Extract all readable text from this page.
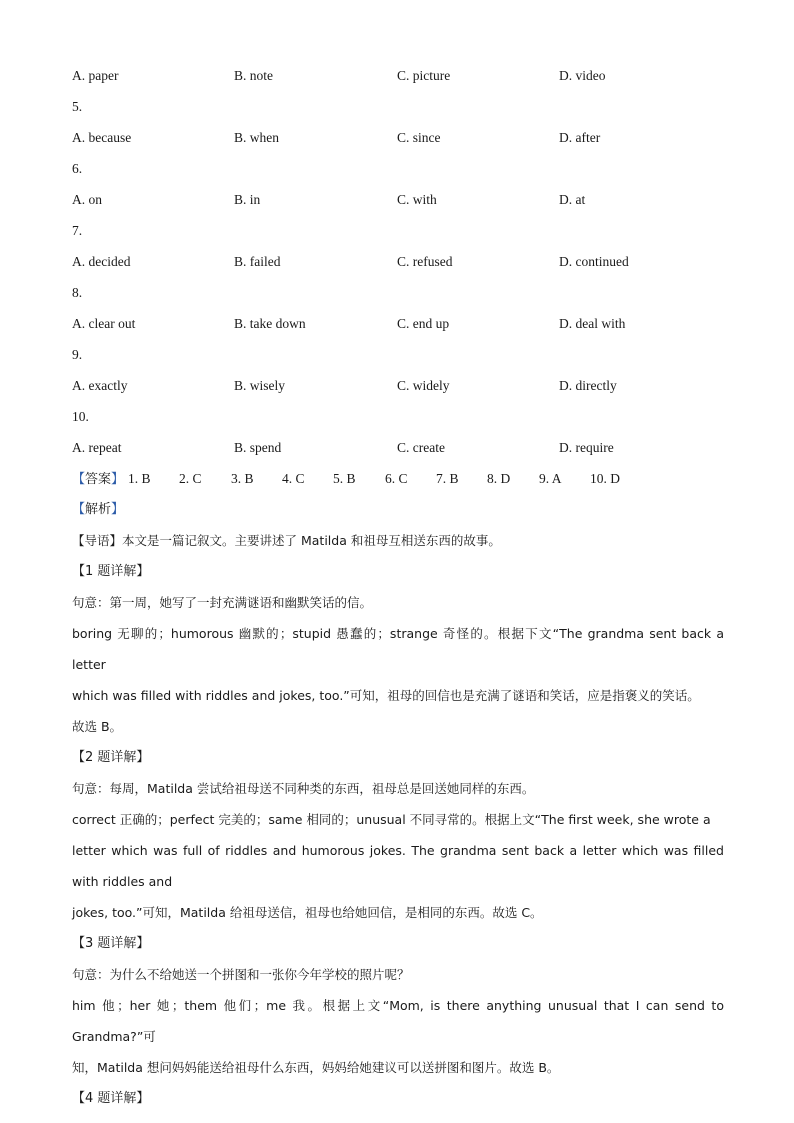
A. paper	B. note	C. picture	D. video
5.
A. because	B. when	C. since	D. after
6.
A. on	B. in	C. with	D. at
7.
A. decided	B. failed	C. refused	D. continued
8.
A. clear out	B. take down	C. end up	D. deal with
9.
A. exactly	B. wisely	C. widely	D. directly
10.
A. repeat	B. spend	C. create	D. require
【答案】 1. B 2. C 3. B 4. C 5. B 6. C 7. B 8. D 9. A 10. D
【解析】
【导语】本文是一篇记叙文。主要讲述了 Matilda 和祖母互相送东西的故事。
【1 题详解】
句意：第一周，她写了一封充满谜语和幽默笑话的信。
boring 无聊的；humorous 幽默的；stupid 愚蠢的；strange 奇怪的。根据下文“The grandma sent back a letter
which was filled with riddles and jokes, too.”可知，祖母的回信也是充满了谜语和笑话，应是指褒义的笑话。
故选 B。
【2 题详解】
句意：每周，Matilda 尝试给祖母送不同种类的东西，祖母总是回送她同样的东西。
correct 正确的；perfect 完美的；same 相同的；unusual 不同寻常的。根据上文“The first week, she wrote a
letter which was full of riddles and humorous jokes. The grandma sent back a letter which was filled with riddles and
jokes, too.”可知，Matilda 给祖母送信，祖母也给她回信，是相同的东西。故选 C。
【3 题详解】
句意：为什么不给她送一个拼图和一张你今年学校的照片呢？
him 他；her 她；them 他们；me 我。根据上文“Mom, is there anything unusual that I can send to Grandma?”可
知，Matilda 想问妈妈能送给祖母什么东西，妈妈给她建议可以送拼图和图片。故选 B。
【4 题详解】
